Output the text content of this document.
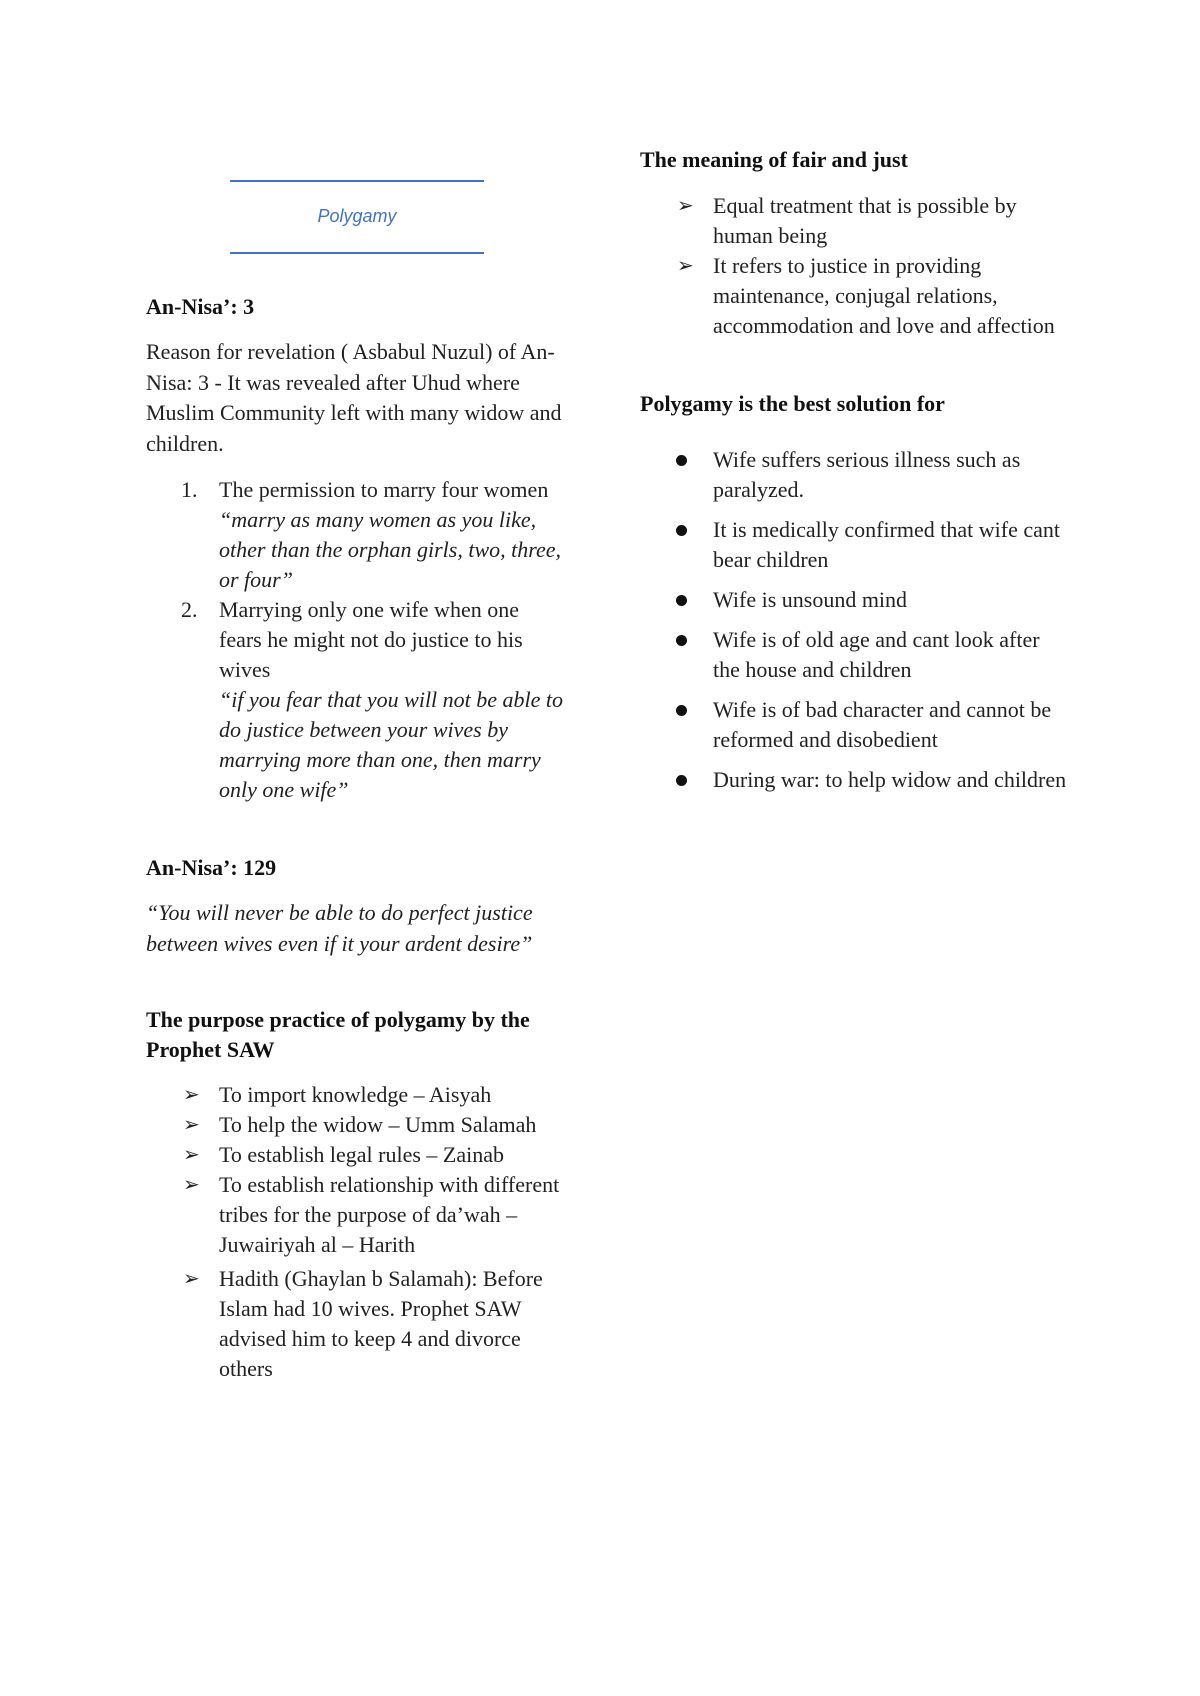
Polygamy
An-Nisa’: 3
Reason for revelation ( Asbabul Nuzul) of An- Nisa: 3 - It was revealed after Uhud where Muslim Community left with many widow and children.
1. The permission to marry four women
“marry as many women as you like, other than the orphan girls, two, three, or four”
2. Marrying only one wife when one fears he might not do justice to his wives
“if you fear that you will not be able to do justice between your wives by marrying more than one, then marry only one wife”
An-Nisa’: 129
“You will never be able to do perfect justice between wives even if it your ardent desire”
The purpose practice of polygamy by the Prophet SAW
➢ To import knowledge – Aisyah
➢ To help the widow – Umm Salamah
➢ To establish legal rules – Zainab
➢ To establish relationship with different tribes for the purpose of da’wah – Juwairiyah al – Harith
➢ Hadith (Ghaylan b Salamah): Before Islam had 10 wives. Prophet SAW advised him to keep 4 and divorce others
The meaning of fair and just
➢ Equal treatment that is possible by human being
➢ It refers to justice in providing maintenance, conjugal relations, accommodation and love and affection
Polygamy is the best solution for
Wife suffers serious illness such as paralyzed.
It is medically confirmed that wife cant bear children
Wife is unsound mind
Wife is of old age and cant look after the house and children
Wife is of bad character and cannot be reformed and disobedient
During war: to help widow and children
